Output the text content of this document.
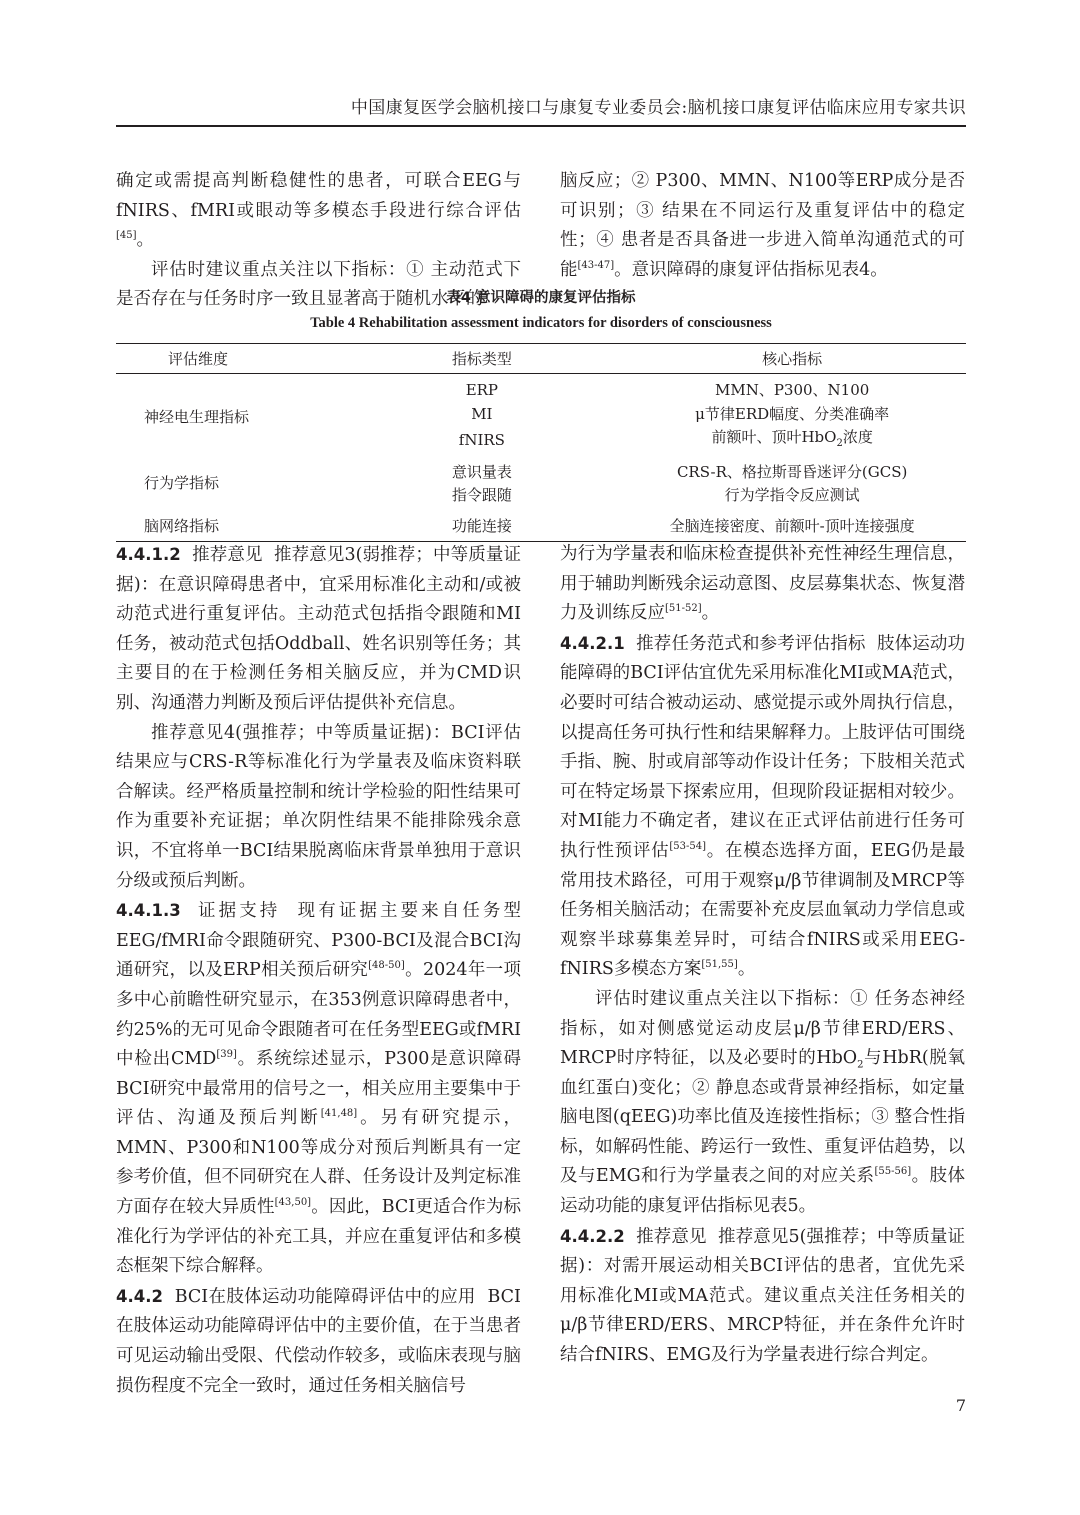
中国康复医学会脑机接口与康复专业委员会:脑机接口康复评估临床应用专家共识

确定或需提高判断稳健性的患者，可联合EEG与fNIRS、fMRI或眼动等多模态手段进行综合评估[45]。

评估时建议重点关注以下指标：① 主动范式下是否存在与任务时序一致且显著高于随机水平的

脑反应；② P300、MMN、N100等ERP成分是否可识别；③ 结果在不同运行及重复评估中的稳定性；④ 患者是否具备进一步进入简单沟通范式的可能[43-47]。意识障碍的康复评估指标见表4。

表4 意识障碍的康复评估指标
Table 4 Rehabilitation assessment indicators for disorders of consciousness
评估维度	指标类型	核心指标
神经电生理指标	ERP	MMN、P300、N100
	MI	μ节律ERD幅度、分类准确率
	fNIRS	前额叶、顶叶HbO$_2$浓度
行为学指标	意识量表	CRS-R、格拉斯哥昏迷评分(GCS)
	指令跟随	行为学指令反应测试
脑网络指标	功能连接	全脑连接密度、前额叶-顶叶连接强度

4.4.1.2 推荐意见 推荐意见3(弱推荐；中等质量证据)：在意识障碍患者中，宜采用标准化主动和/或被动范式进行重复评估。主动范式包括指令跟随和MI任务，被动范式包括Oddball、姓名识别等任务；其主要目的在于检测任务相关脑反应，并为CMD识别、沟通潜力判断及预后评估提供补充信息。

推荐意见4(强推荐；中等质量证据)：BCI评估结果应与CRS-R等标准化行为学量表及临床资料联合解读。经严格质量控制和统计学检验的阳性结果可作为重要补充证据；单次阴性结果不能排除残余意识，不宜将单一BCI结果脱离临床背景单独用于意识分级或预后判断。

4.4.1.3 证据支持 现有证据主要来自任务型EEG/fMRI命令跟随研究、P300-BCI及混合BCI沟通研究，以及ERP相关预后研究[48-50]。2024年一项多中心前瞻性研究显示，在353例意识障碍患者中，约25%的无可见命令跟随者可在任务型EEG或fMRI中检出CMD[39]。系统综述显示，P300是意识障碍BCI研究中最常用的信号之一，相关应用主要集中于评估、沟通及预后判断[41,48]。另有研究提示，MMN、P300和N100等成分对预后判断具有一定参考价值，但不同研究在人群、任务设计及判定标准方面存在较大异质性[43,50]。因此，BCI更适合作为标准化行为学评估的补充工具，并应在重复评估和多模态框架下综合解释。

4.4.2 BCI在肢体运动功能障碍评估中的应用 BCI在肢体运动功能障碍评估中的主要价值，在于当患者可见运动输出受限、代偿动作较多，或临床表现与脑损伤程度不完全一致时，通过任务相关脑信号

为行为学量表和临床检查提供补充性神经生理信息，用于辅助判断残余运动意图、皮层募集状态、恢复潜力及训练反应[51-52]。

4.4.2.1 推荐任务范式和参考评估指标 肢体运动功能障碍的BCI评估宜优先采用标准化MI或MA范式，必要时可结合被动运动、感觉提示或外周执行信息，以提高任务可执行性和结果解释力。上肢评估可围绕手指、腕、肘或肩部等动作设计任务；下肢相关范式可在特定场景下探索应用，但现阶段证据相对较少。对MI能力不确定者，建议在正式评估前进行任务可执行性预评估[53-54]。在模态选择方面，EEG仍是最常用技术路径，可用于观察μ/β节律调制及MRCP等任务相关脑活动；在需要补充皮层血氧动力学信息或观察半球募集差异时，可结合fNIRS或采用EEG-fNIRS多模态方案[51,55]。

评估时建议重点关注以下指标：① 任务态神经指标，如对侧感觉运动皮层μ/β节律ERD/ERS、MRCP时序特征，以及必要时的HbO$_2$与HbR(脱氧血红蛋白)变化；② 静息态或背景神经指标，如定量脑电图(qEEG)功率比值及连接性指标；③ 整合性指标，如解码性能、跨运行一致性、重复评估趋势，以及与EMG和行为学量表之间的对应关系[55-56]。肢体运动功能的康复评估指标见表5。

4.4.2.2 推荐意见 推荐意见5(强推荐；中等质量证据)：对需开展运动相关BCI评估的患者，宜优先采用标准化MI或MA范式。建议重点关注任务相关的μ/β节律ERD/ERS、MRCP特征，并在条件允许时结合fNIRS、EMG及行为学量表进行综合判定。

7
